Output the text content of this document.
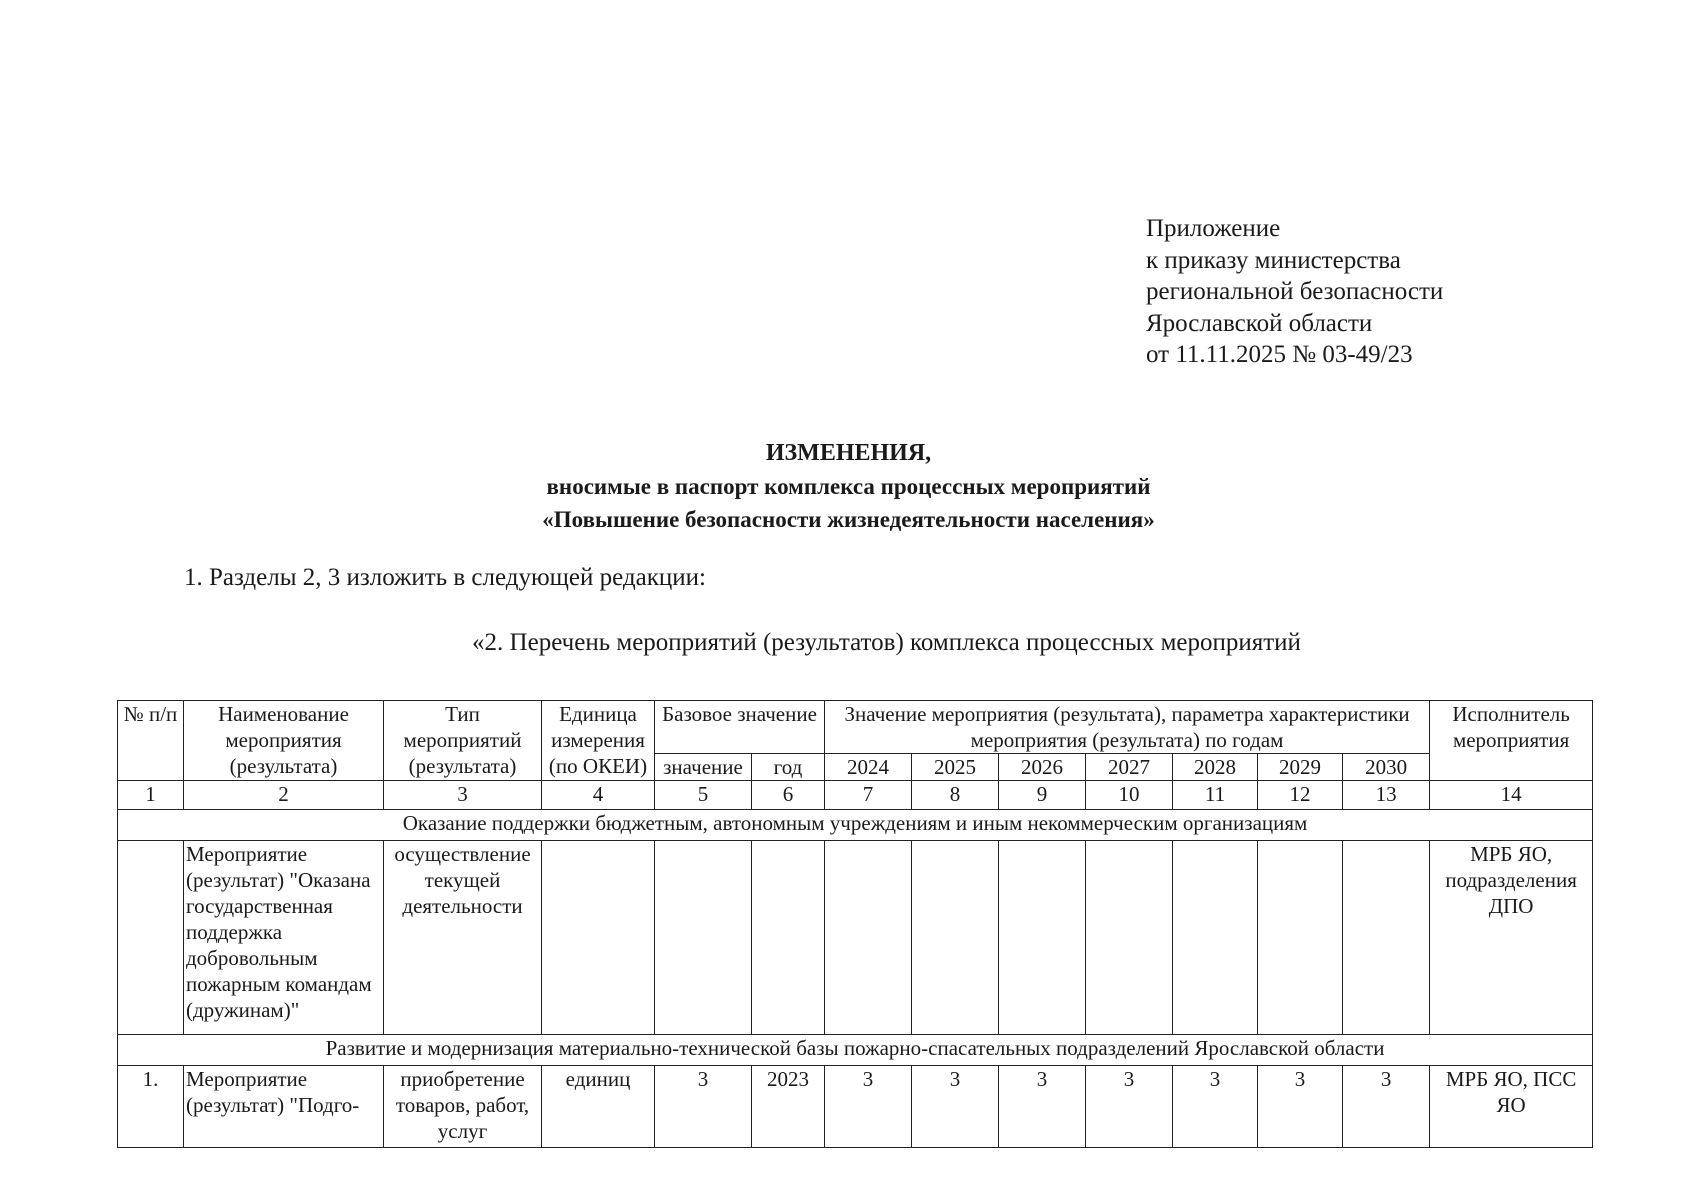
Приложение
к приказу министерства
региональной безопасности
Ярославской области
от 11.11.2025 № 03-49/23
ИЗМЕНЕНИЯ,
вносимые в паспорт комплекса процессных мероприятий
«Повышение безопасности жизнедеятельности населения»
1. Разделы 2, 3 изложить в следующей редакции:
«2. Перечень мероприятий (результатов) комплекса процессных мероприятий
№ п/п	Наименование мероприятия (результата)	Тип мероприятий (результата)	Единица измерения (по ОКЕИ)	Базовое значение		Значение мероприятия (результата), параметра характеристики мероприятия (результата) по годам							Исполнитель мероприятия
				значение	год	2024	2025	2026	2027	2028	2029	2030	
1	2	3	4	5	6	7	8	9	10	11	12	13	14
Оказание поддержки бюджетным, автономным учреждениям и иным некоммерческим организациям													
	Мероприятие (результат) "Оказана государственная поддержка добровольным пожарным командам (дружинам)"	осуществление текущей деятельности											МРБ ЯО, подразделения ДПО
Развитие и модернизация материально-технической базы пожарно-спасательных подразделений Ярославской области													
1.	Мероприятие (результат) "Подго-	приобретение товаров, работ, услуг	единиц	3	2023	3	3	3	3	3	3	3	МРБ ЯО, ПСС ЯО
